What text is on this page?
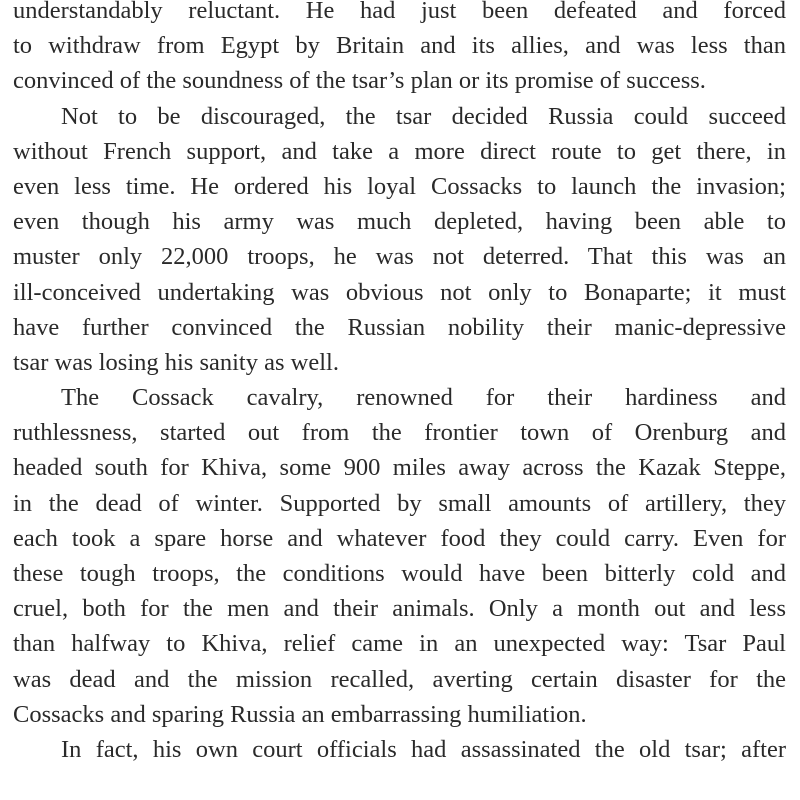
understandably reluctant. He had just been defeated and forced
to withdraw from Egypt by Britain and its allies, and was less than
convinced of the soundness of the tsar’s plan or its promise of success.
Not to be discouraged, the tsar decided Russia could succeed
without French support, and take a more direct route to get there, in
even less time. He ordered his loyal Cossacks to launch the invasion;
even though his army was much depleted, having been able to
muster only 22,000 troops, he was not deterred. That this was an
ill-conceived undertaking was obvious not only to Bonaparte; it must
have further convinced the Russian nobility their manic-depressive
tsar was losing his sanity as well.
The Cossack cavalry, renowned for their hardiness and
ruthlessness, started out from the frontier town of Orenburg and
headed south for Khiva, some 900 miles away across the Kazak Steppe,
in the dead of winter. Supported by small amounts of artillery, they
each took a spare horse and whatever food they could carry. Even for
these tough troops, the conditions would have been bitterly cold and
cruel, both for the men and their animals. Only a month out and less
than halfway to Khiva, relief came in an unexpected way: Tsar Paul
was dead and the mission recalled, averting certain disaster for the
Cossacks and sparing Russia an embarrassing humiliation.
In fact, his own court officials had assassinated the old tsar; after
